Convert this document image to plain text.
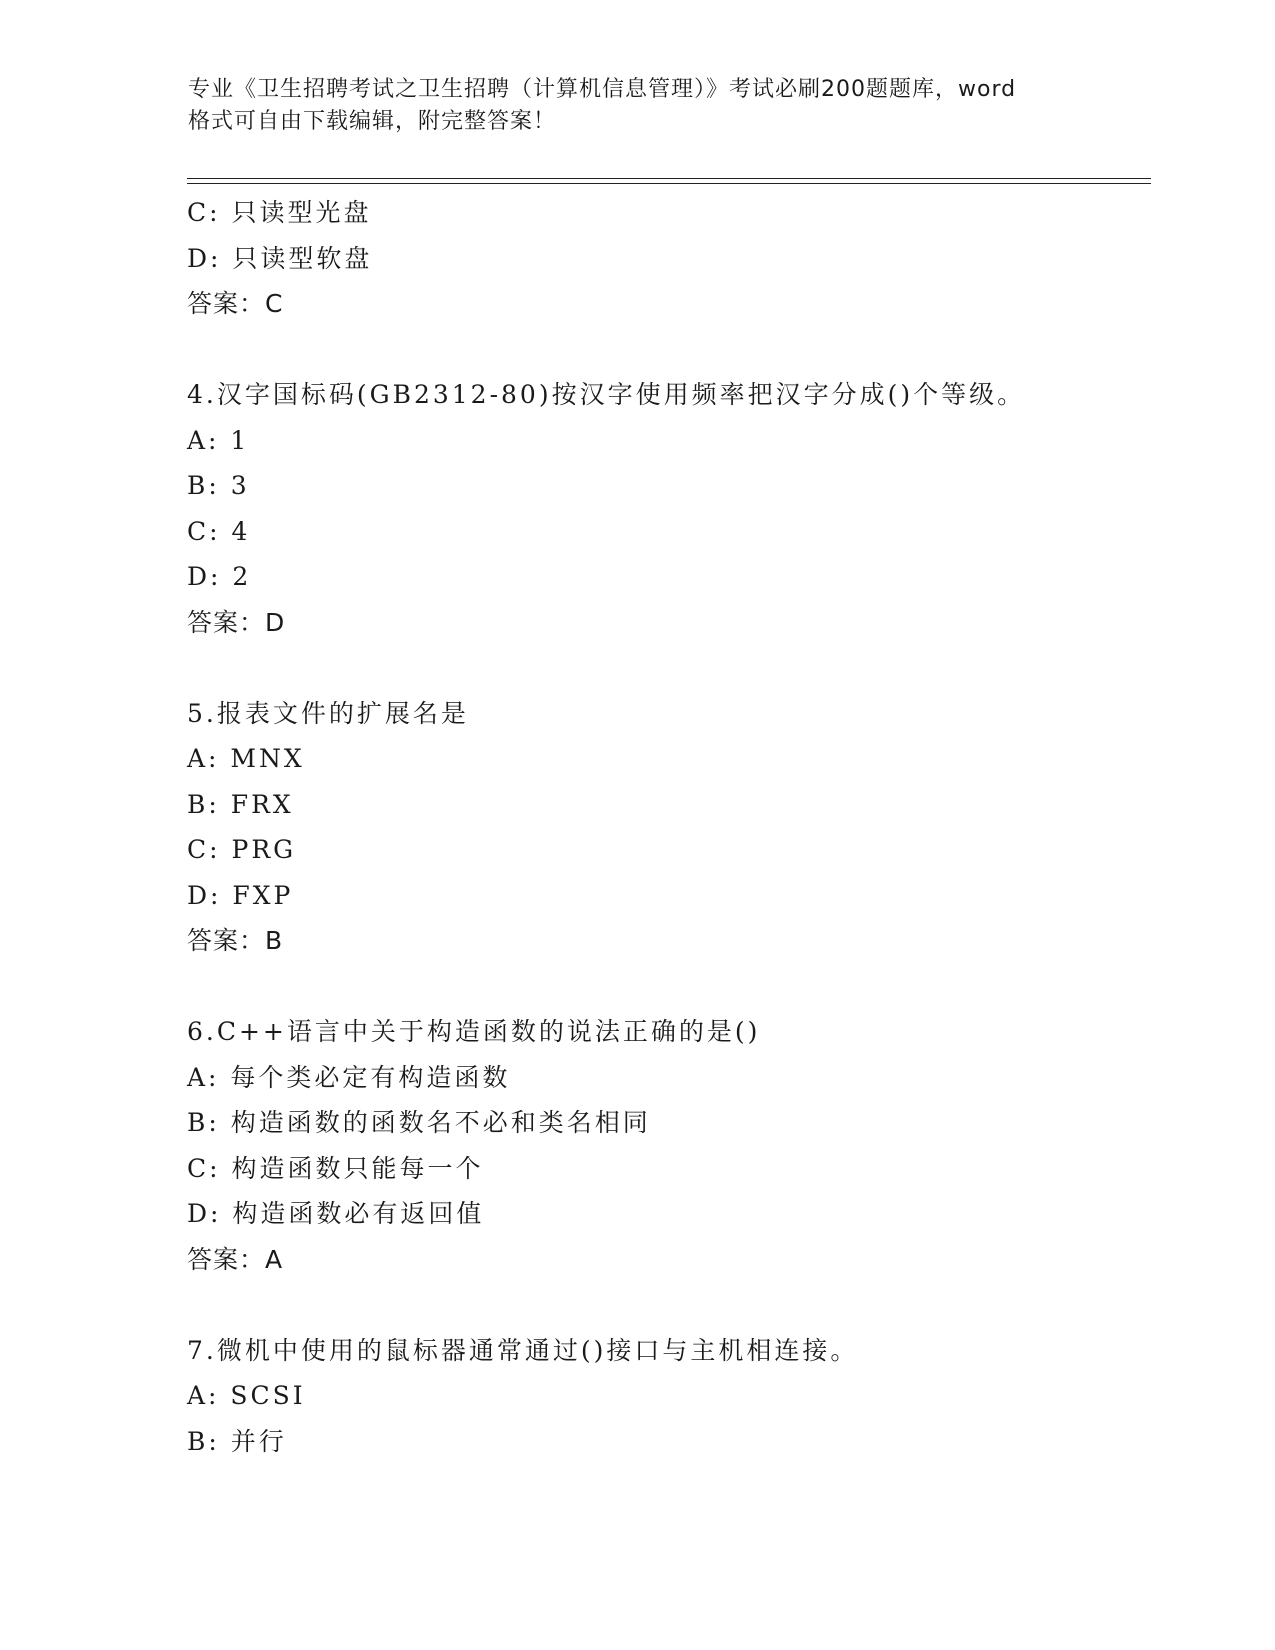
专业《卫生招聘考试之卫生招聘（计算机信息管理）》考试必刷200题题库，word
格式可自由下载编辑，附完整答案！
C: 只读型光盘
D: 只读型软盘
答案：C
4.汉字国标码(GB2312-80)按汉字使用频率把汉字分成()个等级。
A: 1
B: 3
C: 4
D: 2
答案：D
5.报表文件的扩展名是
A: MNX
B: FRX
C: PRG
D: FXP
答案：B
6.C++语言中关于构造函数的说法正确的是()
A: 每个类必定有构造函数
B: 构造函数的函数名不必和类名相同
C: 构造函数只能每一个
D: 构造函数必有返回值
答案：A
7.微机中使用的鼠标器通常通过()接口与主机相连接。
A: SCSI
B: 并行
